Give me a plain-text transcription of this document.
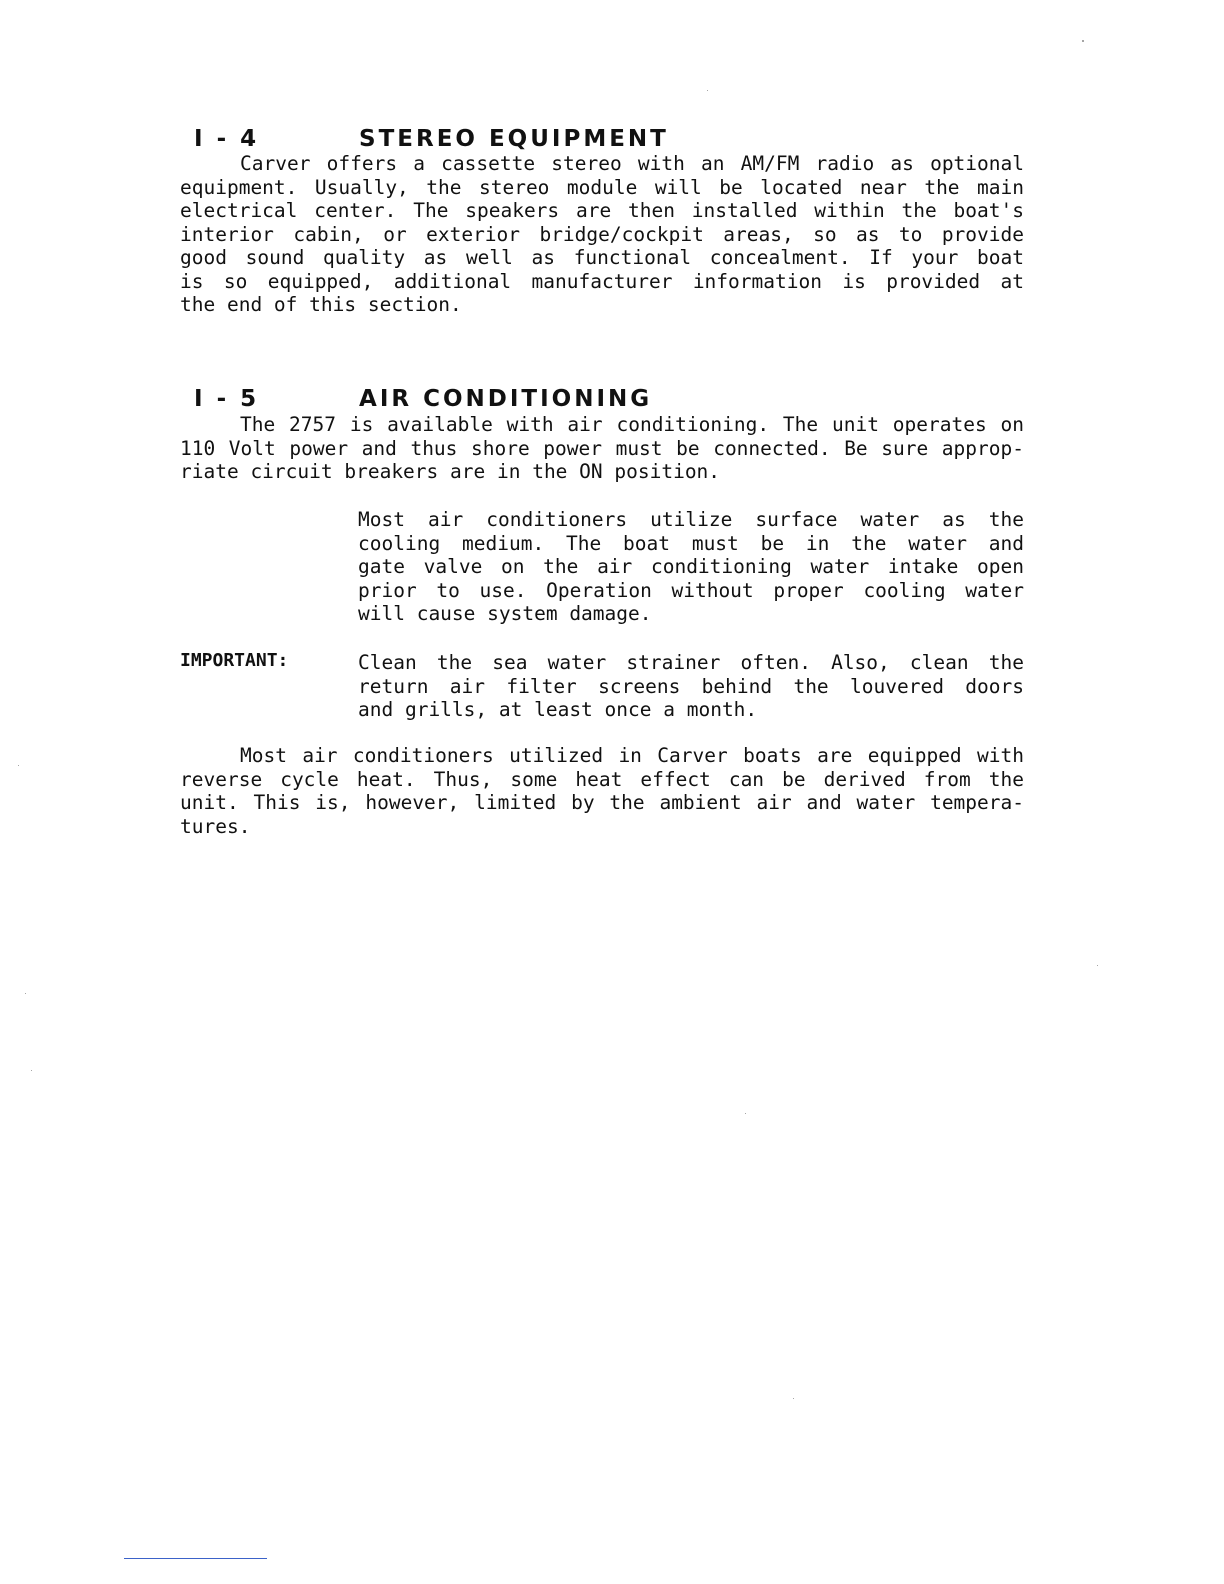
I - 4	STEREO EQUIPMENT

Carver offers a cassette stereo with an AM/FM radio as optional
equipment. Usually, the stereo module will be located near the main
electrical center. The speakers are then installed within the boat's
interior cabin, or exterior bridge/cockpit areas, so as to provide
good sound quality as well as functional concealment. If your boat
is so equipped, additional manufacturer information is provided at
the end of this section.

I - 5	AIR CONDITIONING

The 2757 is available with air conditioning. The unit operates on
110 Volt power and thus shore power must be connected. Be sure approp-
riate circuit breakers are in the ON position.
Most air conditioners utilize surface water as the
cooling medium. The boat must be in the water and
gate valve on the air conditioning water intake open
prior to use. Operation without proper cooling water
will cause system damage.

IMPORTANT:	Clean the sea water strainer often. Also, clean the
return air filter screens behind the louvered doors
and grills, at least once a month.
Most air conditioners utilized in Carver boats are equipped with
reverse cycle heat. Thus, some heat effect can be derived from the
unit. This is, however, limited by the ambient air and water tempera-
tures.
